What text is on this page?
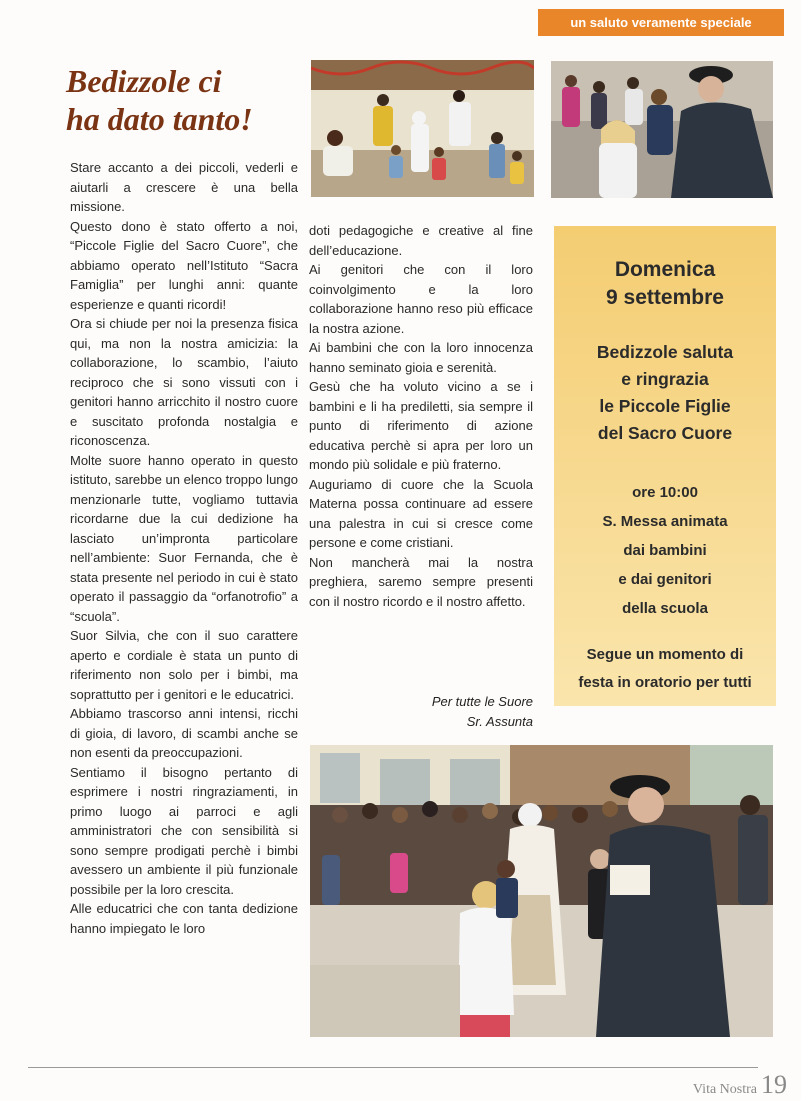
un saluto veramente speciale
Bedizzole ci
ha dato tanto!

Stare accanto a dei piccoli, vederli e aiutarli a crescere è una bella missione.

Questo dono è stato offerto a noi, “Piccole Figlie del Sacro Cuore”, che abbiamo operato nell’Istituto “Sacra Famiglia” per lunghi anni: quante esperienze e quanti ricordi!

Ora si chiude per noi la presenza fisica qui, ma non la nostra amicizia: la collaborazione, lo scambio, l’aiuto reciproco che si sono vissuti con i genitori hanno arricchito il nostro cuore e suscitato profonda nostalgia e riconoscenza.

Molte suore hanno operato in questo istituto, sarebbe un elenco troppo lungo menzionarle tutte, vogliamo tuttavia ricordarne due la cui dedizione ha lasciato un’impronta particolare nell’ambiente: Suor Fernanda, che è stata presente nel periodo in cui è stato operato il passaggio da “orfanotrofio” a “scuola”.

Suor Silvia, che con il suo carattere aperto e cordiale è stata un punto di riferimento non solo per i bimbi, ma soprattutto per i genitori e le educatrici.

Abbiamo trascorso anni intensi, ricchi di gioia, di lavoro, di scambi anche se non esenti da preoccupazioni.

Sentiamo il bisogno pertanto di esprimere i nostri ringraziamenti, in primo luogo ai parroci e agli amministratori che con sensibilità si sono sempre prodigati perchè i bimbi avessero un ambiente il più funzionale possibile per la loro crescita.

Alle educatrici che con tanta dedizione hanno impiegato le loro

doti pedagogiche e creative al fine dell’educazione.

Ai genitori che con il loro coinvolgimento e la loro collaborazione hanno reso più efficace la nostra azione.

Ai bambini che con la loro innocenza hanno seminato gioia e serenità.

Gesù che ha voluto vicino a se i bambini e li ha prediletti, sia sempre il punto di riferimento di azione educativa perchè si apra per loro un mondo più solidale e più fraterno.

Auguriamo di cuore che la Scuola Materna possa continuare ad essere una palestra in cui si cresce come persone e come cristiani.

Non mancherà mai la nostra preghiera, saremo sempre presenti con il nostro ricordo e il nostro affetto.

Per tutte le Suore
Sr. Assunta
Domenica
9 settembre
Bedizzole saluta
e ringrazia
le Piccole Figlie
del Sacro Cuore
ore 10:00
S. Messa animata
dai bambini
e dai genitori
della scuola
Segue un momento di
festa in oratorio per tutti
Vita Nostra 19
